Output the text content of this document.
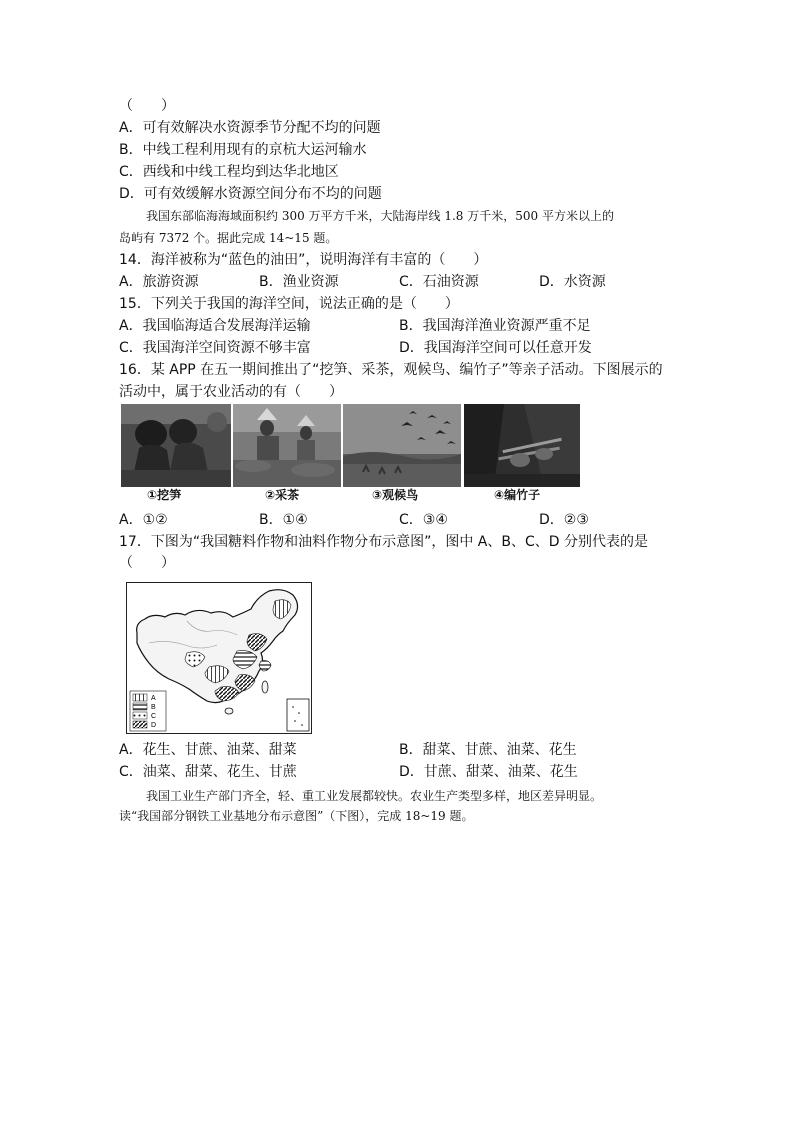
（　　）
A．可有效解决水资源季节分配不均的问题
B．中线工程利用现有的京杭大运河输水
C．西线和中线工程均到达华北地区
D．可有效缓解水资源空间分布不均的问题
我国东部临海海域面积约 300 万平方千米，大陆海岸线 1.8 万千米，500 平方米以上的
岛屿有 7372 个。据此完成 14~15 题。
14．海洋被称为“蓝色的油田”，说明海洋有丰富的（　　）
A．旅游资源	B．渔业资源	C．石油资源	D．水资源
15．下列关于我国的海洋空间，说法正确的是（　　）
A．我国临海适合发展海洋运输	B．我国海洋渔业资源严重不足
C．我国海洋空间资源不够丰富	D．我国海洋空间可以任意开发
16．某 APP 在五一期间推出了“挖笋、采茶，观候鸟、编竹子”等亲子活动。下图展示的
活动中，属于农业活动的有（　　）
①挖笋	②采茶	③观候鸟	④编竹子
A．①②	B．①④	C．③④	D．②③
17．下图为“我国糖料作物和油料作物分布示意图”，图中 A、B、C、D 分别代表的是
（　　）
A
B
C
D
A．花生、甘蔗、油菜、甜菜	B．甜菜、甘蔗、油菜、花生
C．油菜、甜菜、花生、甘蔗	D．甘蔗、甜菜、油菜、花生
我国工业生产部门齐全，轻、重工业发展都较快。农业生产类型多样，地区差异明显。
读“我国部分钢铁工业基地分布示意图”（下图），完成 18~19 题。
